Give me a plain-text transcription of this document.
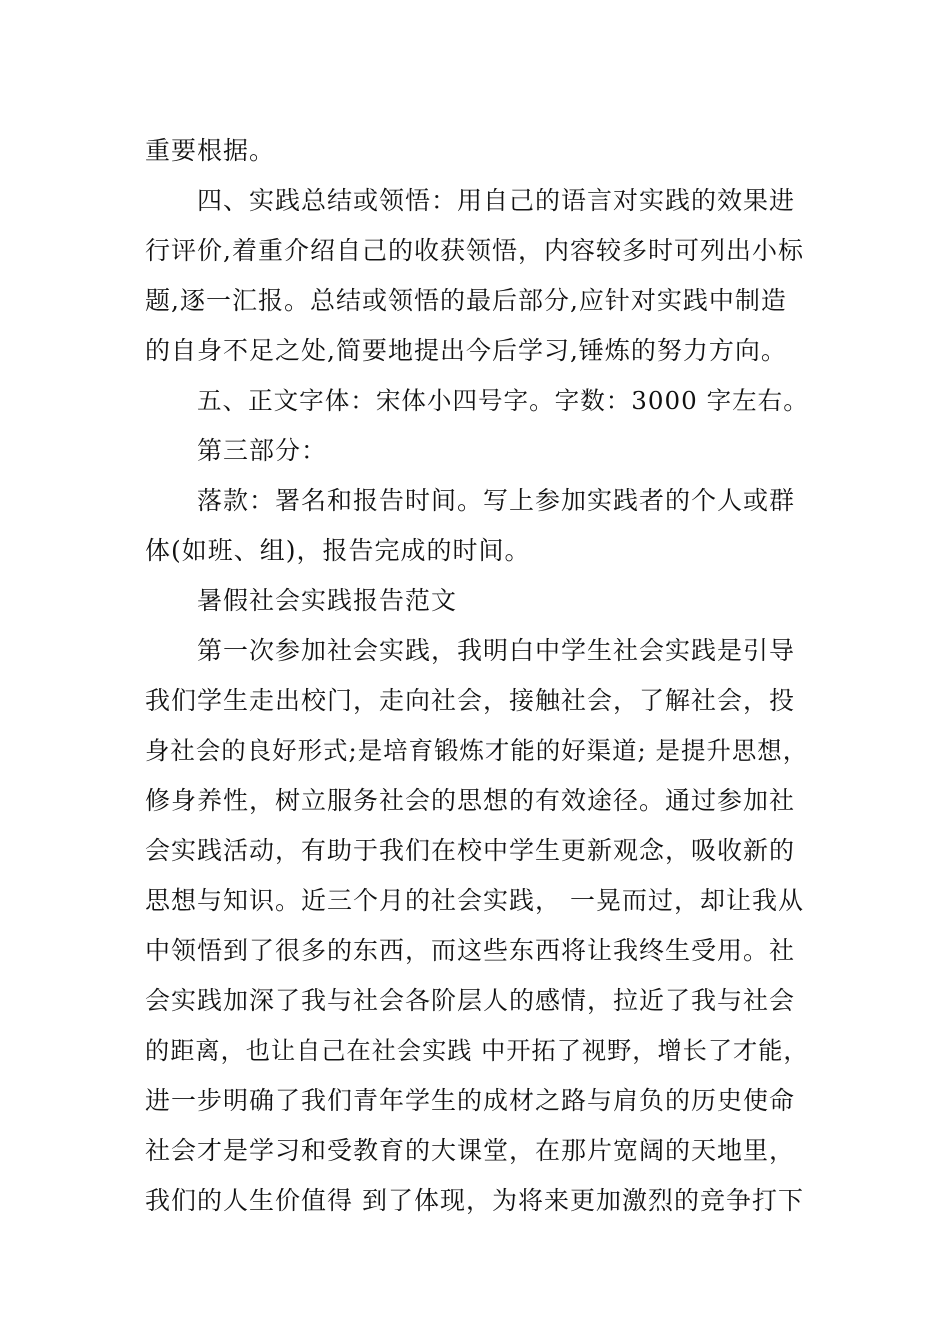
重要根据。
四、实践总结或领悟：用自己的语言对实践的效果进
行评价,着重介绍自己的收获领悟，内容较多时可列出小标
题,逐一汇报。总结或领悟的最后部分,应针对实践中制造
的自身不足之处,简要地提出今后学习,锤炼的努力方向。
五、正文字体：宋体小四号字。字数：3000 字左右。
第三部分：
落款：署名和报告时间。写上参加实践者的个人或群
体(如班、组)，报告完成的时间。
暑假社会实践报告范文
第一次参加社会实践，我明白中学生社会实践是引导
我们学生走出校门，走向社会，接触社会，了解社会，投
身社会的良好形式;是培育锻炼才能的好渠道; 是提升思想，
修身养性，树立服务社会的思想的有效途径。通过参加社
会实践活动，有助于我们在校中学生更新观念，吸收新的
思想与知识。近三个月的社会实践， 一晃而过，却让我从
中领悟到了很多的东西，而这些东西将让我终生受用。社
会实践加深了我与社会各阶层人的感情，拉近了我与社会
的距离，也让自己在社会实践 中开拓了视野，增长了才能，
进一步明确了我们青年学生的成材之路与肩负的历史使命
社会才是学习和受教育的大课堂，在那片宽阔的天地里，
我们的人生价值得 到了体现，为将来更加激烈的竞争打下
